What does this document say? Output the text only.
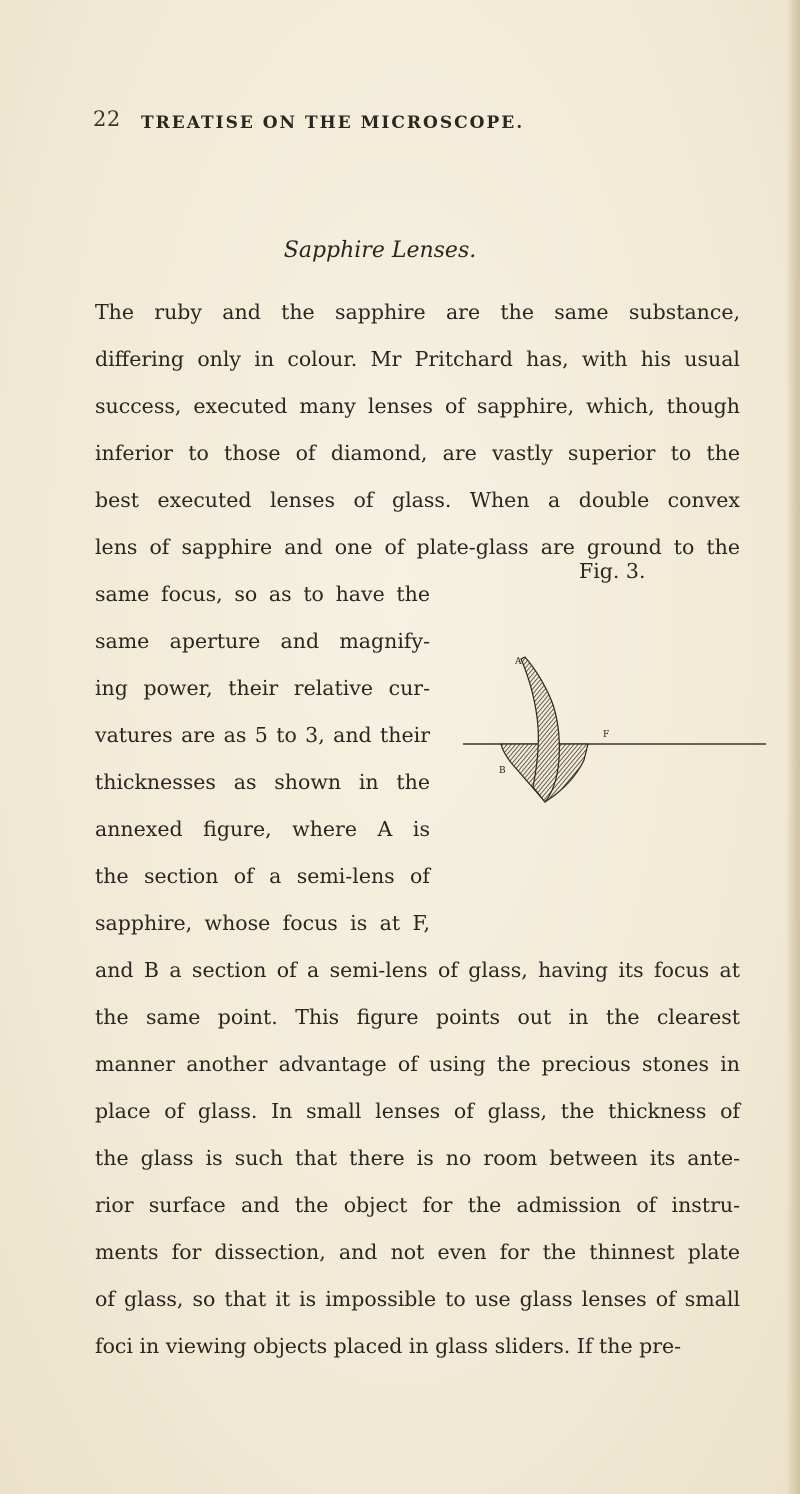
22 TREATISE ON THE MICROSCOPE.
Sapphire Lenses.
The ruby and the sapphire are the same substance,
differing only in colour. Mr Pritchard has, with his usual
success, executed many lenses of sapphire, which, though
inferior to those of diamond, are vastly superior to the
best executed lenses of glass. When a double convex
lens of sapphire and one of plate-glass are ground to the
same focus, so as to have the
same aperture and magnify-
ing power, their relative cur-
vatures are as 5 to 3, and their
thicknesses as shown in the
annexed figure, where A is
the section of a semi-lens of
sapphire, whose focus is at F,
and B a section of a semi-lens of glass, having its focus at
the same point. This figure points out in the clearest
manner another advantage of using the precious stones in
place of glass. In small lenses of glass, the thickness of
the glass is such that there is no room between its ante-
rior surface and the object for the admission of instru-
ments for dissection, and not even for the thinnest plate
of glass, so that it is impossible to use glass lenses of small
foci in viewing objects placed in glass sliders. If the pre-
Fig. 3.
A
B
F
